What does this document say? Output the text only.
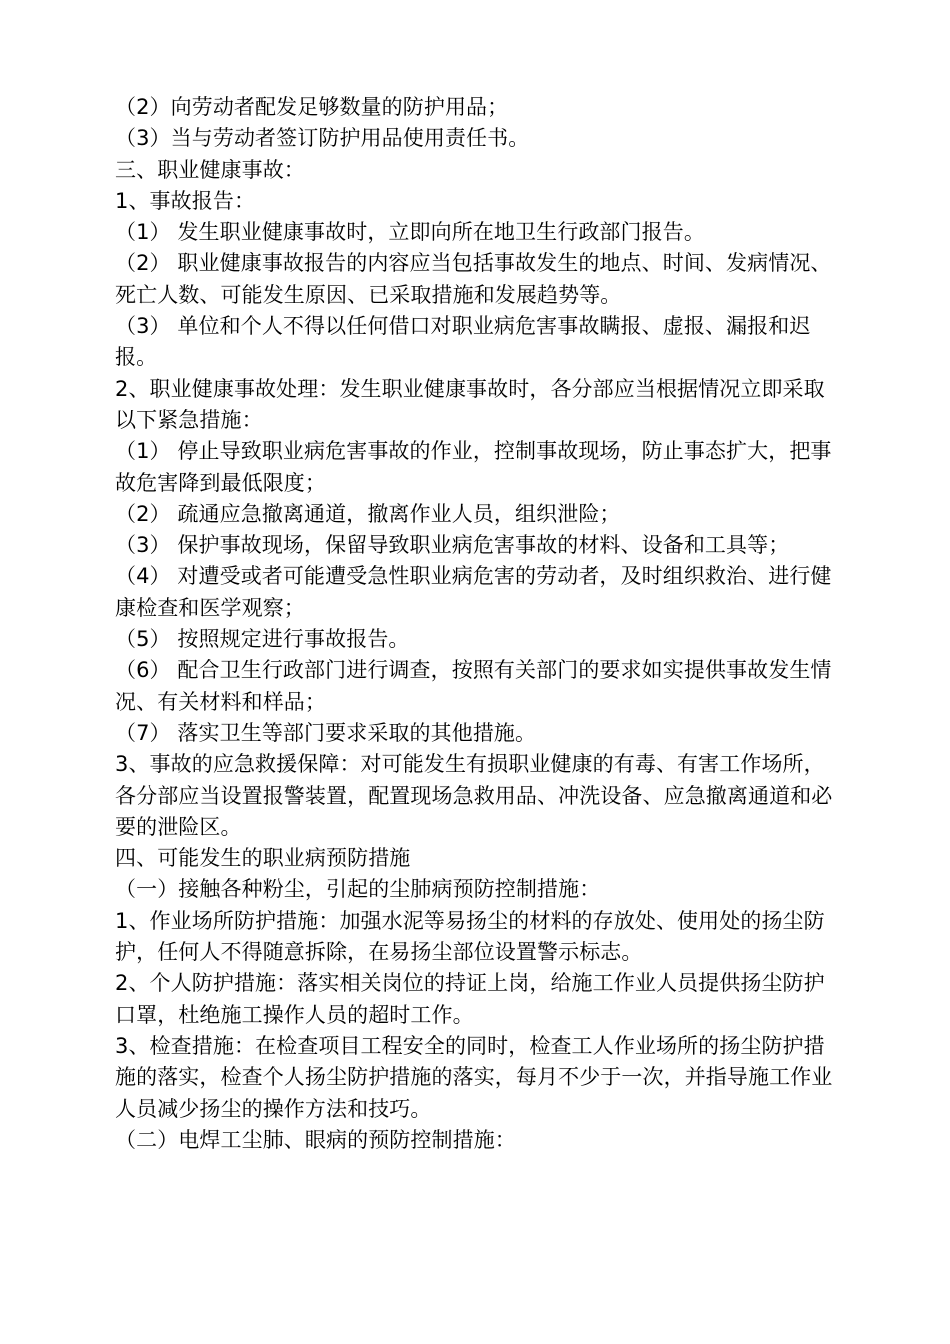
（2）向劳动者配发足够数量的防护用品；

（3）当与劳动者签订防护用品使用责任书。

三、职业健康事故：

1、事故报告：

（1） 发生职业健康事故时，立即向所在地卫生行政部门报告。

（2） 职业健康事故报告的内容应当包括事故发生的地点、时间、发病情况、死亡人数、可能发生原因、已采取措施和发展趋势等。

（3） 单位和个人不得以任何借口对职业病危害事故瞒报、虚报、漏报和迟报。

2、职业健康事故处理：发生职业健康事故时，各分部应当根据情况立即采取以下紧急措施：

（1） 停止导致职业病危害事故的作业，控制事故现场，防止事态扩大，把事故危害降到最低限度；

（2） 疏通应急撤离通道，撤离作业人员，组织泄险；

（3） 保护事故现场，保留导致职业病危害事故的材料、设备和工具等；

（4） 对遭受或者可能遭受急性职业病危害的劳动者，及时组织救治、进行健康检查和医学观察；

（5） 按照规定进行事故报告。

（6） 配合卫生行政部门进行调查，按照有关部门的要求如实提供事故发生情况、有关材料和样品；

（7） 落实卫生等部门要求采取的其他措施。

3、事故的应急救援保障：对可能发生有损职业健康的有毒、有害工作场所，各分部应当设置报警装置，配置现场急救用品、冲洗设备、应急撤离通道和必要的泄险区。

四、可能发生的职业病预防措施

（一）接触各种粉尘，引起的尘肺病预防控制措施：

1、作业场所防护措施：加强水泥等易扬尘的材料的存放处、使用处的扬尘防护，任何人不得随意拆除，在易扬尘部位设置警示标志。

2、个人防护措施：落实相关岗位的持证上岗，给施工作业人员提供扬尘防护口罩，杜绝施工操作人员的超时工作。

3、检查措施：在检查项目工程安全的同时，检查工人作业场所的扬尘防护措施的落实，检查个人扬尘防护措施的落实，每月不少于一次，并指导施工作业人员减少扬尘的操作方法和技巧。

（二）电焊工尘肺、眼病的预防控制措施：
